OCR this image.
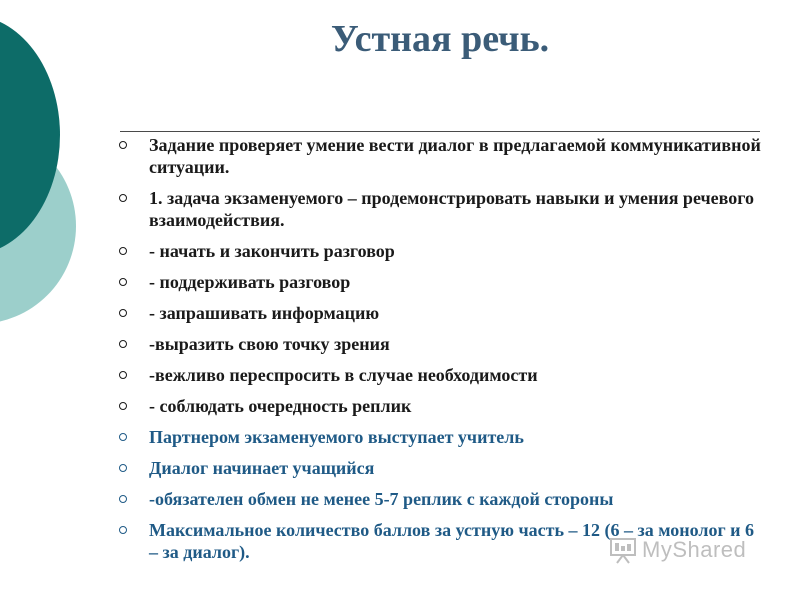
Устная речь.
Задание проверяет умение вести диалог в предлагаемой коммуникативной ситуации.
1. задача экзаменуемого – продемонстрировать навыки и умения речевого взаимодействия.
- начать и закончить разговор
- поддерживать разговор
- запрашивать информацию
-выразить свою точку зрения
-вежливо переспросить в случае необходимости
- соблюдать очередность реплик
Партнером экзаменуемого выступает учитель
Диалог начинает учащийся
-обязателен обмен не менее 5-7 реплик с каждой стороны
Максимальное количество баллов за устную часть – 12 (6 – за монолог и 6 – за диалог).	MyShared
